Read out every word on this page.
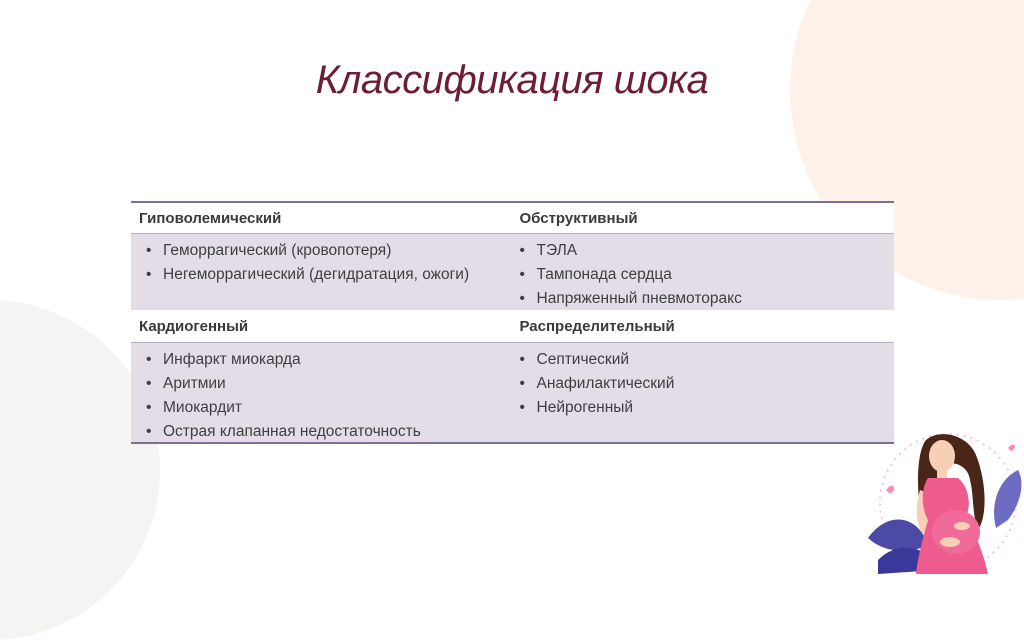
Классификация шока
Гиповолемический	Обструктивный
• Геморрагический (кровопотеря)
• Негеморрагический (дегидратация, ожоги)
• ТЭЛА
• Тампонада сердца
• Напряженный пневмоторакс
Кардиогенный	Распределительный
• Инфаркт миокарда
• Аритмии
• Миокардит
• Острая клапанная недостаточность
• Септический
• Анафилактический
• Нейрогенный
